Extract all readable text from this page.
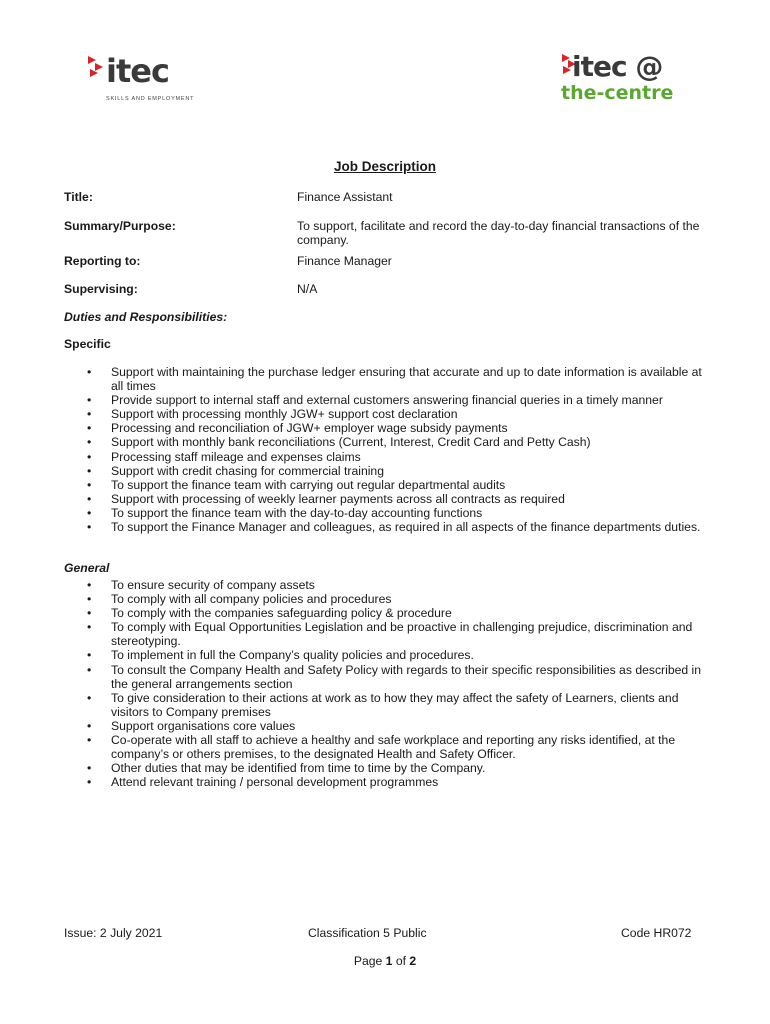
itec
SKILLS AND EMPLOYMENT
itec @
the-centre
Job Description
Title:	Finance Assistant
Summary/Purpose:	To support, facilitate and record the day-to-day financial transactions of the company.
Reporting to:	Finance Manager
Supervising:	N/A
Duties and Responsibilities:
Specific
• Support with maintaining the purchase ledger ensuring that accurate and up to date information is available at all times
• Provide support to internal staff and external customers answering financial queries in a timely manner
• Support with processing monthly JGW+ support cost declaration
• Processing and reconciliation of JGW+ employer wage subsidy payments
• Support with monthly bank reconciliations (Current, Interest, Credit Card and Petty Cash)
• Processing staff mileage and expenses claims
• Support with credit chasing for commercial training
• To support the finance team with carrying out regular departmental audits
• Support with processing of weekly learner payments across all contracts as required
• To support the finance team with the day-to-day accounting functions
• To support the Finance Manager and colleagues, as required in all aspects of the finance departments duties.
General
• To ensure security of company assets
• To comply with all company policies and procedures
• To comply with the companies safeguarding policy & procedure
• To comply with Equal Opportunities Legislation and be proactive in challenging prejudice, discrimination and stereotyping.
• To implement in full the Company’s quality policies and procedures.
• To consult the Company Health and Safety Policy with regards to their specific responsibilities as described in the general arrangements section
• To give consideration to their actions at work as to how they may affect the safety of Learners, clients and visitors to Company premises
• Support organisations core values
• Co-operate with all staff to achieve a healthy and safe workplace and reporting any risks identified, at the company’s or others premises, to the designated Health and Safety Officer.
• Other duties that may be identified from time to time by the Company.
• Attend relevant training / personal development programmes
Issue: 2 July 2021	Classification 5 Public	Code HR072
Page 1 of 2
